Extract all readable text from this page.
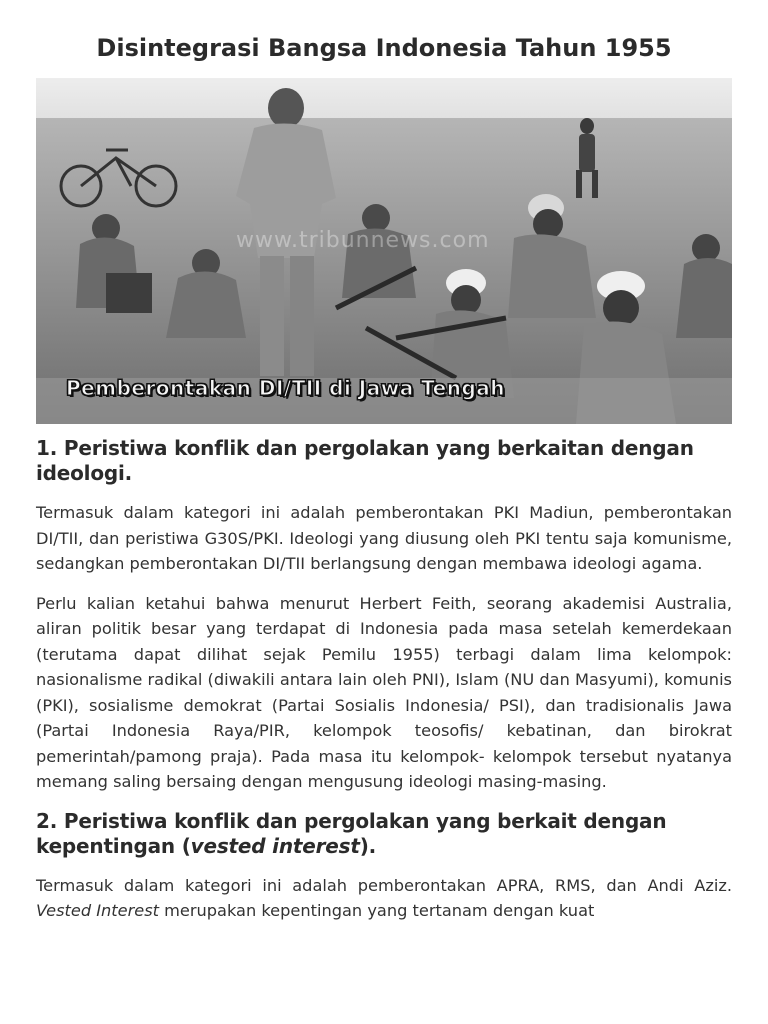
Disintegrasi Bangsa Indonesia Tahun 1955
www.tribunnews.com
Pemberontakan DI/TII di Jawa Tengah
1. Peristiwa konflik dan pergolakan yang berkaitan dengan ideologi.

Termasuk dalam kategori ini adalah pemberontakan PKI Madiun, pemberontakan DI/TII, dan peristiwa G30S/PKI. Ideologi yang diusung oleh PKI tentu saja komunisme, sedangkan pemberontakan DI/TII berlangsung dengan membawa ideologi agama.

Perlu kalian ketahui bahwa menurut Herbert Feith, seorang akademisi Australia, aliran politik besar yang terdapat di Indonesia pada masa setelah kemerdekaan (terutama dapat dilihat sejak Pemilu 1955) terbagi dalam lima kelompok: nasionalisme radikal (diwakili antara lain oleh PNI), Islam (NU dan Masyumi), komunis (PKI), sosialisme demokrat (Partai Sosialis Indonesia/ PSI), dan tradisionalis Jawa (Partai Indonesia Raya/PIR, kelompok teosofis/ kebatinan, dan birokrat pemerintah/pamong praja). Pada masa itu kelompok- kelompok tersebut nyatanya memang saling bersaing dengan mengusung ideologi masing-masing.

2. Peristiwa konflik dan pergolakan yang berkait dengan kepentingan (vested interest).

Termasuk dalam kategori ini adalah pemberontakan APRA, RMS, dan Andi Aziz. Vested Interest merupakan kepentingan yang tertanam dengan kuat
